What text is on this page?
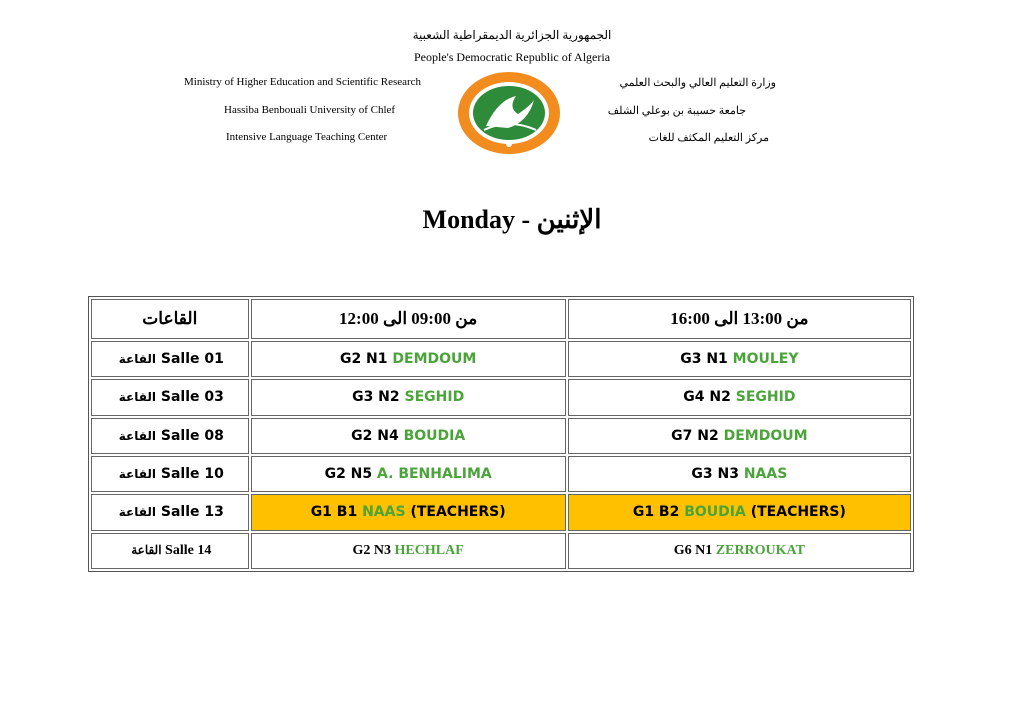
الجمهورية الجزائرية الديمقراطية الشعبية
People's Democratic Republic of Algeria
Ministry of Higher Education and Scientific Research
Hassiba Benbouali University of Chlef
Intensive Language Teaching Center
وزارة التعليم العالي والبحث العلمي
جامعة حسيبة بن بوعلي الشلف
مركز التعليم المكثف للغات
Monday - الإثنين
القاعات	من 09:00 الى 12:00	من 13:00 الى 16:00
القاعة Salle 01	G2 N1 DEMDOUM	G3 N1 MOULEY
القاعة Salle 03	G3 N2 SEGHID	G4 N2 SEGHID
القاعة Salle 08	G2 N4 BOUDIA	G7 N2 DEMDOUM
القاعة Salle 10	G2 N5 A. BENHALIMA	G3 N3 NAAS
القاعة Salle 13	G1 B1 NAAS (TEACHERS)	G1 B2 BOUDIA (TEACHERS)
القاعة Salle 14	G2 N3 HECHLAF	G6 N1 ZERROUKAT
